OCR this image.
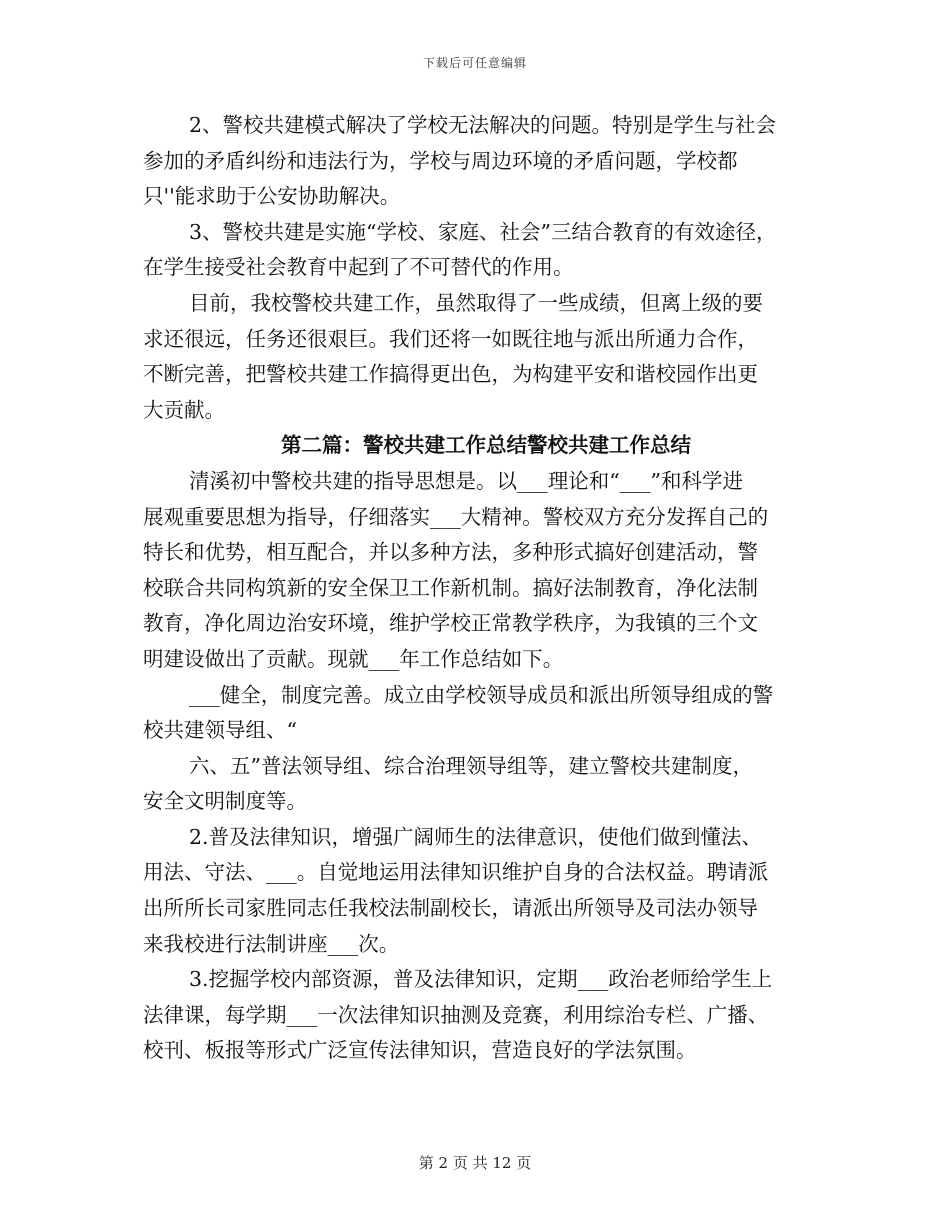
下载后可任意编辑
2、警校共建模式解决了学校无法解决的问题。特别是学生与社会
参加的矛盾纠纷和违法行为，学校与周边环境的矛盾问题，学校都
只''能求助于公安协助解决。
3、警校共建是实施“学校、家庭、社会”三结合教育的有效途径，
在学生接受社会教育中起到了不可替代的作用。
目前，我校警校共建工作，虽然取得了一些成绩，但离上级的要
求还很远，任务还很艰巨。我们还将一如既往地与派出所通力合作，
不断完善，把警校共建工作搞得更出色，为构建平安和谐校园作出更
大贡献。
第二篇：警校共建工作总结警校共建工作总结
清溪初中警校共建的指导思想是。以___理论和“___”和科学进
展观重要思想为指导，仔细落实___大精神。警校双方充分发挥自己的
特长和优势，相互配合，并以多种方法，多种形式搞好创建活动，警
校联合共同构筑新的安全保卫工作新机制。搞好法制教育，净化法制
教育，净化周边治安环境，维护学校正常教学秩序，为我镇的三个文
明建设做出了贡献。现就___年工作总结如下。
___健全，制度完善。成立由学校领导成员和派出所领导组成的警
校共建领导组、“
六、五”普法领导组、综合治理领导组等，建立警校共建制度，
安全文明制度等。
2.普及法律知识，增强广阔师生的法律意识，使他们做到懂法、
用法、守法、___。自觉地运用法律知识维护自身的合法权益。聘请派
出所所长司家胜同志任我校法制副校长，请派出所领导及司法办领导
来我校进行法制讲座___次。
3.挖掘学校内部资源，普及法律知识，定期___政治老师给学生上
法律课，每学期___一次法律知识抽测及竞赛，利用综治专栏、广播、
校刊、板报等形式广泛宣传法律知识，营造良好的学法氛围。
第 2 页 共 12 页
